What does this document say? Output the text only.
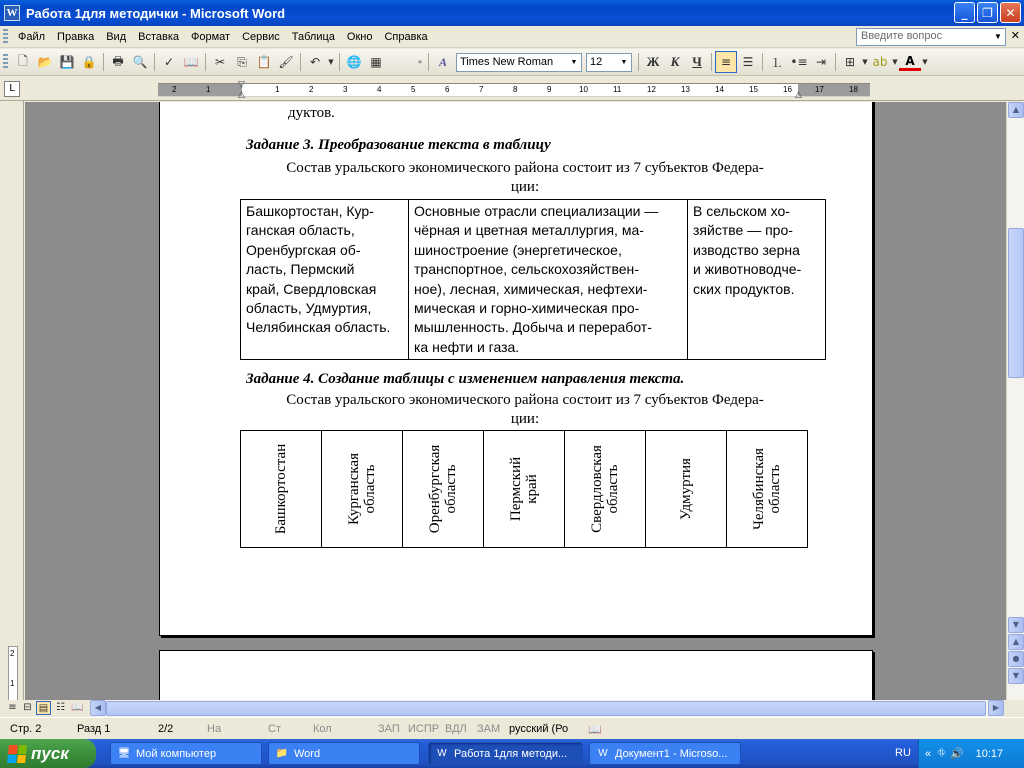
W Работа 1для методички - Microsoft Word	_	❐	✕
Файл	Правка	Вид	Вставка	Формат	Сервис	Таблица	Окно	Справка	Введите вопрос	▼ ✕
🗋 📂 💾 🔒	🖶 🔍	✓ 📖	✂	⎘ 📋 🖌	↶	▼ 🌐 ▦	»	A	Times New Roman	▼	12	▼	Ж К Ч	≡ ☰	⒈ •≡ ⇥	⊞	▼ ab ▼ A	▼
L	2	1	1	2	3	4	5	6	7	8	9	10	11	12	13	14	15	16	17	18
▽
△	△
2
1
дуктов.
Задание 3. Преобразование текста в таблицу
Состав уральского экономического района состоит из 7 субъектов Федера-
ции:
Башкортостан, Кур-
ганская область,
Оренбургская об-
ласть, Пермский
край, Свердловская
область, Удмуртия,
Челябинская область.

Основные отрасли специализации —
чёрная и цветная металлургия, ма-
шиностроение (энергетическое,
транспортное, сельскохозяйствен-
ное), лесная, химическая, нефтехи-
мическая и горно-химическая про-
мышленность. Добыча и переработ-
ка нефти и газа.

В сельском хо-
зяйстве — про-
изводство зерна
и животноводче-
ских продуктов.
Задание 4. Создание таблицы с изменением направления текста.
Состав уральского экономического района состоит из 7 субъектов Федера-
ции:
Башкортостан	Курганская область	Оренбургская область	Пермский край	Свердловская область	Удмуртия	Челябинская область
▲
▲
●
▼
▼
≡ ⊟ ▤ ☷ 📖	◀	▶
Стр. 2	Разд 1	2/2	На	Ст	Кол	ЗАП ИСПР ВДЛ ЗАМ русский (Ро 📖
пуск	🖥 Мой компьютер	📁 Word	W Работа 1для методи...	W Документ1 - Microso...	RU « ⛗ 🔊 10:17
